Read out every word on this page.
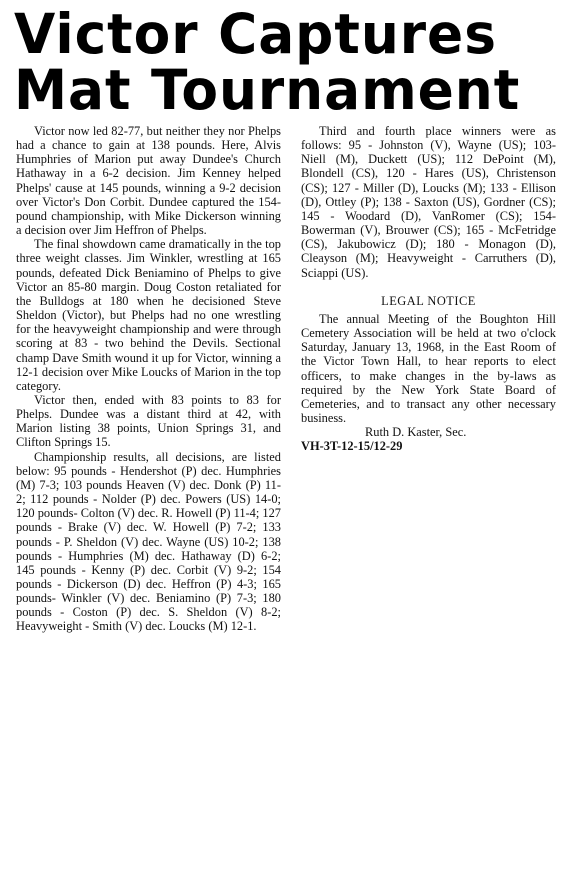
Victor Captures
Mat Tournament

Victor now led 82-77, but neither they nor Phelps had a chance to gain at 138 pounds. Here, Alvis Humphries of Marion put away Dundee's Church Hathaway in a 6-2 decision. Jim Kenney helped Phelps' cause at 145 pounds, winning a 9-2 decision over Victor's Don Corbit. Dundee captured the 154-pound championship, with Mike Dickerson winning a decision over Jim Heffron of Phelps.

The final showdown came dramatically in the top three weight classes. Jim Winkler, wrestling at 165 pounds, defeated Dick Beniamino of Phelps to give Victor an 85-80 margin. Doug Coston retaliated for the Bulldogs at 180 when he decisioned Steve Sheldon (Victor), but Phelps had no one wrestling for the heavyweight championship and were through scoring at 83 - two behind the Devils. Sectional champ Dave Smith wound it up for Victor, winning a 12-1 decision over Mike Loucks of Marion in the top category.

Victor then, ended with 83 points to 83 for Phelps. Dundee was a distant third at 42, with Marion listing 38 points, Union Springs 31, and Clifton Springs 15.

Championship results, all decisions, are listed below: 95 pounds - Hendershot (P) dec. Humphries (M) 7-3; 103 pounds Heaven (V) dec. Donk (P) 11-2; 112 pounds - Nolder (P) dec. Powers (US) 14-0; 120 pounds- Colton (V) dec. R. Howell (P) 11-4; 127 pounds - Brake (V) dec. W. Howell (P) 7-2; 133 pounds - P. Sheldon (V) dec. Wayne (US) 10-2; 138 pounds - Humphries (M) dec. Hathaway (D) 6-2; 145 pounds - Kenny (P) dec. Corbit (V) 9-2; 154 pounds - Dickerson (D) dec. Heffron (P) 4-3; 165 pounds- Winkler (V) dec. Beniamino (P) 7-3; 180 pounds - Coston (P) dec. S. Sheldon (V) 8-2; Heavyweight - Smith (V) dec. Loucks (M) 12-1.

Third and fourth place winners were as follows: 95 - Johnston (V), Wayne (US); 103- Niell (M), Duckett (US); 112 DePoint (M), Blondell (CS), 120 - Hares (US), Christenson (CS); 127 - Miller (D), Loucks (M); 133 - Ellison (D), Ottley (P); 138 - Saxton (US), Gordner (CS); 145 - Woodard (D), VanRomer (CS); 154- Bowerman (V), Brouwer (CS); 165 - McFetridge (CS), Jakubowicz (D); 180 - Monagon (D), Cleayson (M); Heavyweight - Carruthers (D), Sciappi (US).

LEGAL NOTICE

The annual Meeting of the Boughton Hill Cemetery Association will be held at two o'clock Saturday, January 13, 1968, in the East Room of the Victor Town Hall, to hear reports to elect officers, to make changes in the by-laws as required by the New York State Board of Cemeteries, and to transact any other necessary business.

Ruth D. Kaster, Sec.

VH-3T-12-15/12-29
